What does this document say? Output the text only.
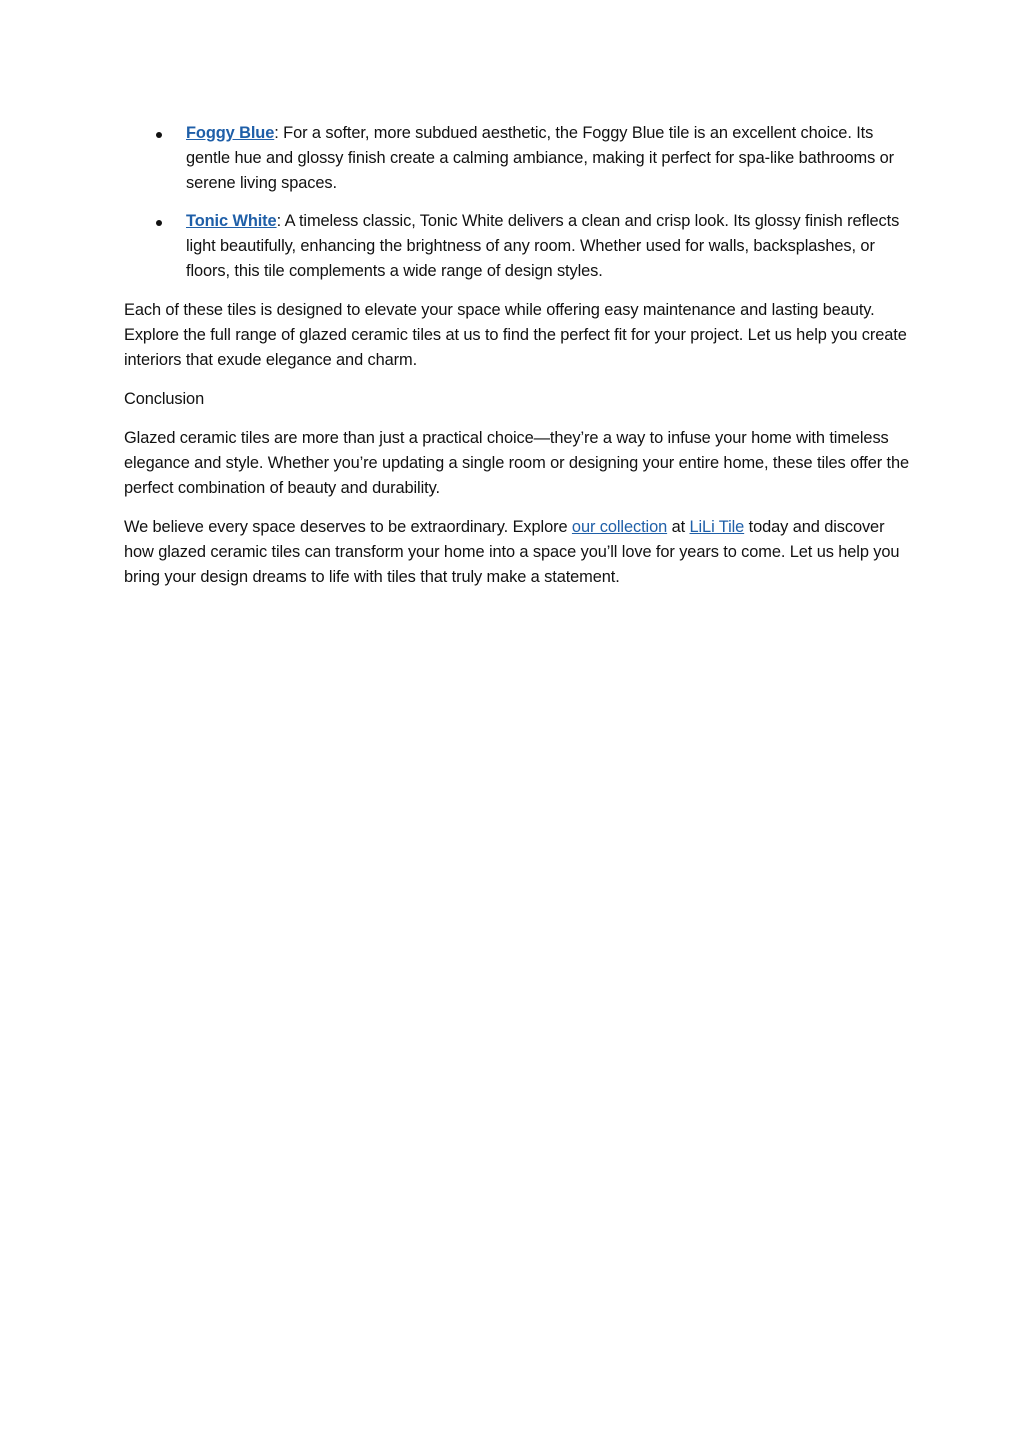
Foggy Blue: For a softer, more subdued aesthetic, the Foggy Blue tile is an excellent choice. Its gentle hue and glossy finish create a calming ambiance, making it perfect for spa-like bathrooms or serene living spaces.
Tonic White: A timeless classic, Tonic White delivers a clean and crisp look. Its glossy finish reflects light beautifully, enhancing the brightness of any room. Whether used for walls, backsplashes, or floors, this tile complements a wide range of design styles.

Each of these tiles is designed to elevate your space while offering easy maintenance and lasting beauty. Explore the full range of glazed ceramic tiles at us to find the perfect fit for your project. Let us help you create interiors that exude elegance and charm.

Conclusion

Glazed ceramic tiles are more than just a practical choice—they’re a way to infuse your home with timeless elegance and style. Whether you’re updating a single room or designing your entire home, these tiles offer the perfect combination of beauty and durability.

We believe every space deserves to be extraordinary. Explore our collection at LiLi Tile today and discover how glazed ceramic tiles can transform your home into a space you’ll love for years to come. Let us help you bring your design dreams to life with tiles that truly make a statement.
